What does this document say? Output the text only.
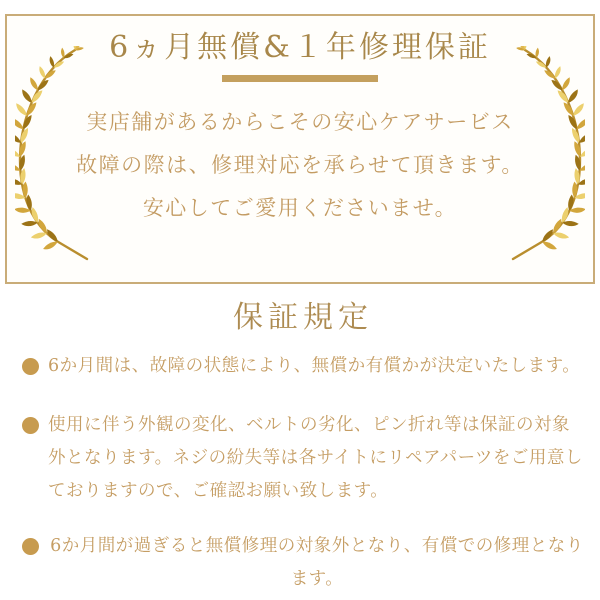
6ヵ月無償&１年修理保証

実店舗があるからこその安心ケアサービス

故障の際は、修理対応を承らせて頂きます。

安心してご愛用くださいませ。

保証規定

6か月間は、故障の状態により、無償か有償かが決定いたします。

使用に伴う外観の変化、ベルトの劣化、ピン折れ等は保証の対象外となります。ネジの紛失等は各サイトにリペアパーツをご用意しておりますので、ご確認お願い致します。

6か月間が過ぎると無償修理の対象外となり、有償での修理となります。
